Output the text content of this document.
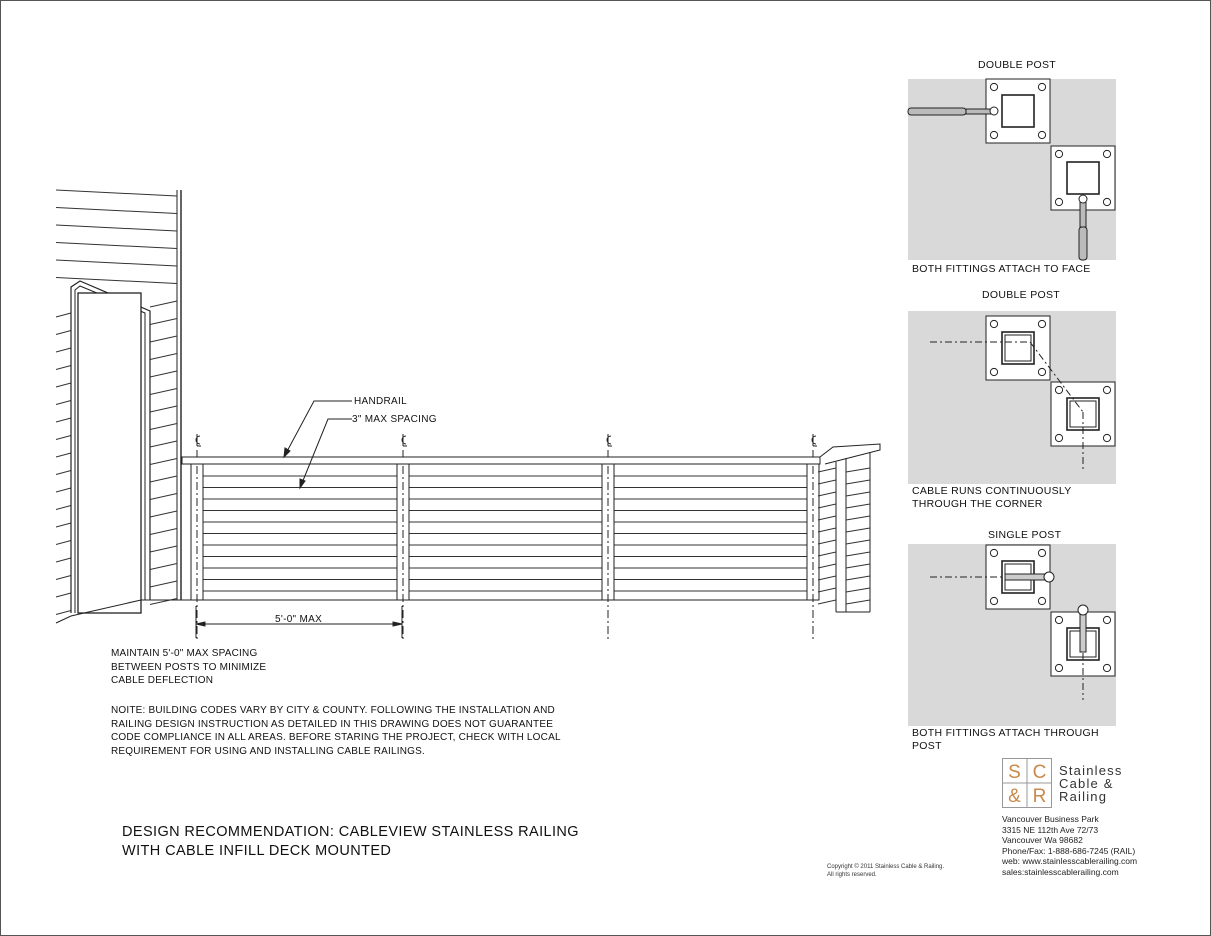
HANDRAIL
3" MAX SPACING
5'-0" MAX
MAINTAIN 5'-0" MAX SPACING
BETWEEN POSTS TO MINIMIZE
CABLE DEFLECTION
NOITE: BUILDING CODES VARY BY CITY & COUNTY. FOLLOWING THE INSTALLATION AND
RAILING DESIGN INSTRUCTION AS DETAILED IN THIS DRAWING DOES NOT GUARANTEE
CODE COMPLIANCE IN ALL AREAS. BEFORE STARING THE PROJECT, CHECK WITH LOCAL
REQUIREMENT FOR USING AND INSTALLING CABLE RAILINGS.
DESIGN RECOMMENDATION: CABLEVIEW STAINLESS RAILING
WITH CABLE INFILL DECK MOUNTED
DOUBLE POST
BOTH FITTINGS ATTACH TO FACE
DOUBLE POST
CABLE RUNS CONTINUOUSLY
THROUGH THE CORNER
SINGLE POST
BOTH FITTINGS ATTACH THROUGH
POST
S C
& R
Stainless
Cable &
Railing
Vancouver Business Park
3315 NE 112th Ave 72/73
Vancouver Wa 98682
Phone/Fax: 1-888-686-7245 (RAIL)
web: www.stainlesscablerailing.com
sales:stainlesscablerailing.com
Copyright © 2011 Stainless Cable & Railing.
All rights reserved.
